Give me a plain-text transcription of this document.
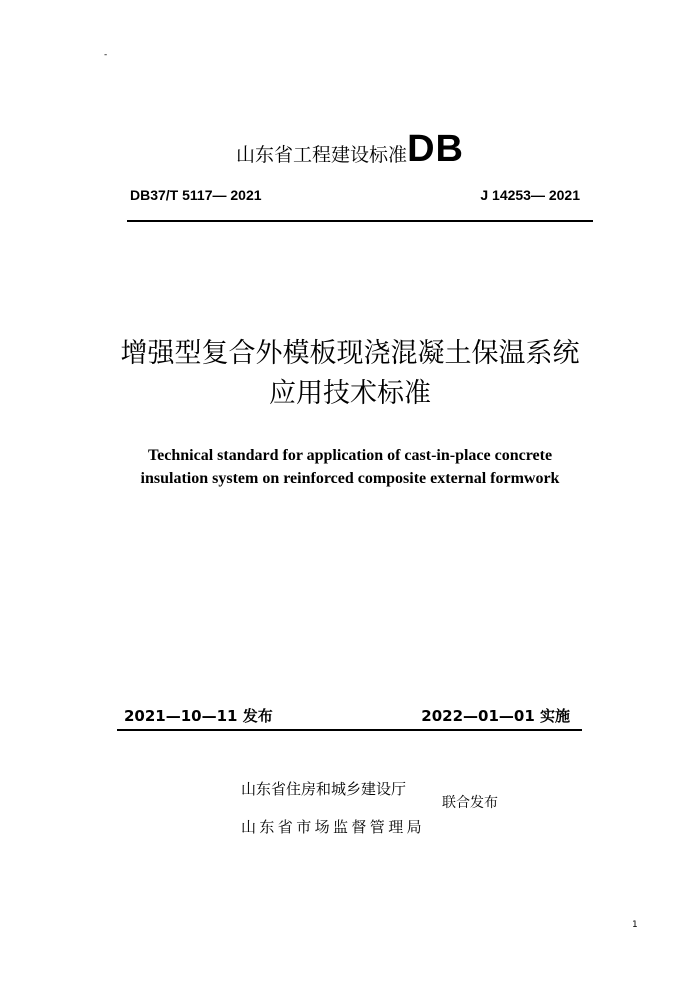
-
山东省工程建设标准DB
DB37/T 5117— 2021	J 14253— 2021
增强型复合外模板现浇混凝土保温系统
应用技术标准
Technical standard for application of cast-in-place concrete
insulation system on reinforced composite external formwork
2021—10—11 发布	2022—01—01 实施
山东省住房和城乡建设厅
山东省市场监督管理局
联合发布
1
